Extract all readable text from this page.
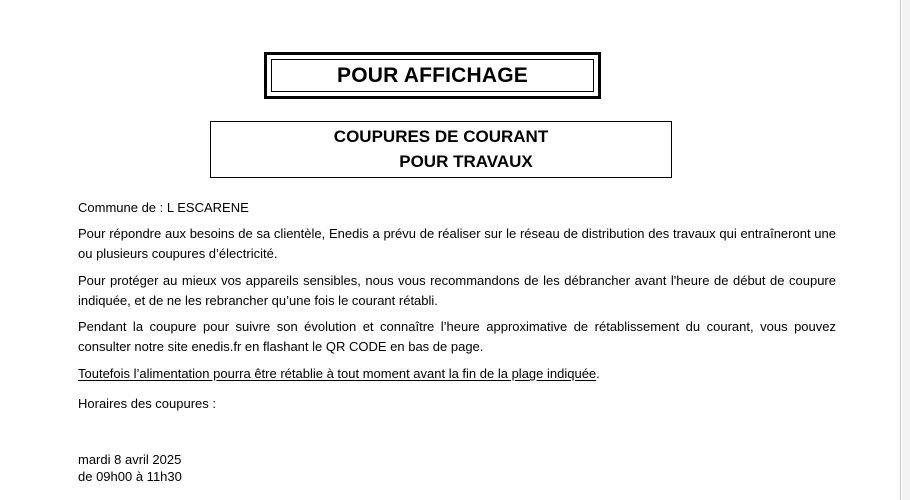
POUR AFFICHAGE
COUPURES DE COURANT
POUR TRAVAUX
Commune de : L ESCARENE
Pour répondre aux besoins de sa clientèle, Enedis a prévu de réaliser sur le réseau de distribution des travaux qui entraîneront une ou plusieurs coupures d’électricité.
Pour protéger au mieux vos appareils sensibles, nous vous recommandons de les débrancher avant l'heure de début de coupure indiquée, et de ne les rebrancher qu’une fois le courant rétabli.
Pendant la coupure pour suivre son évolution et connaître l’heure approximative de rétablissement du courant, vous pouvez consulter notre site enedis.fr en flashant le QR CODE en bas de page.
Toutefois l’alimentation pourra être rétablie à tout moment avant la fin de la plage indiquée.
Horaires des coupures :
mardi 8 avril 2025
de 09h00 à 11h30
